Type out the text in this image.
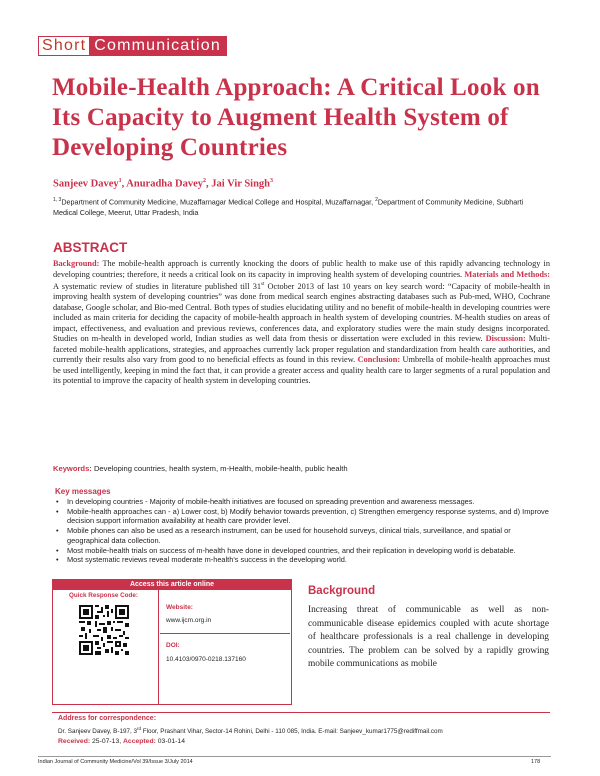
Short Communication
Mobile-Health Approach: A Critical Look on Its Capacity to Augment Health System of Developing Countries
Sanjeev Davey$^1$, Anuradha Davey$^2$, Jai Vir Singh$^3$
$^{1, 3}$Department of Community Medicine, Muzaffarnagar Medical College and Hospital, Muzaffarnagar, $^2$Department of Community Medicine, Subharti Medical College, Meerut, Uttar Pradesh, India
ABSTRACT

Background: The mobile-health approach is currently knocking the doors of public health to make use of this rapidly advancing technology in developing countries; therefore, it needs a critical look on its capacity in improving health system of developing countries. Materials and Methods: A systematic review of studies in literature published till 31st October 2013 of last 10 years on key search word: “Capacity of mobile-health in improving health system of developing countries” was done from medical search engines abstracting databases such as Pub-med, WHO, Cochrane database, Google scholar, and Bio-med Central. Both types of studies elucidating utility and no benefit of mobile-health in developing countries were included as main criteria for deciding the capacity of mobile-health approach in health system of developing countries. M-health studies on areas of impact, effectiveness, and evaluation and previous reviews, conferences data, and exploratory studies were the main study designs incorporated. Studies on m-health in developed world, Indian studies as well data from thesis or dissertation were excluded in this review. Discussion: Multi-faceted mobile-health applications, strategies, and approaches currently lack proper regulation and standardization from health care authorities, and currently their results also vary from good to no beneficial effects as found in this review. Conclusion: Umbrella of mobile-health approaches must be used intelligently, keeping in mind the fact that, it can provide a greater access and quality health care to larger segments of a rural population and its potential to improve the capacity of health system in developing countries.

Keywords: Developing countries, health system, m-Health, mobile-health, public health
Key messages
• In developing countries - Majority of mobile-health initiatives are focused on spreading prevention and awareness messages.
• Mobile-health approaches can - a) Lower cost, b) Modify behavior towards prevention, c) Strengthen emergency response systems, and d) Improve decision support information availability at health care provider level.
• Mobile phones can also be used as a research instrument, can be used for household surveys, clinical trials, surveillance, and spatial or geographical data collection.
• Most mobile-health trials on success of m-health have done in developed countries, and their replication in developing world is debatable.
• Most systematic reviews reveal moderate m-health's success in the developing world.
Access this article online
Quick Response Code:
Website:
www.ijcm.org.in
DOI:
10.4103/0970-0218.137160
Background

Increasing threat of communicable as well as non-communicable disease epidemics coupled with acute shortage of healthcare professionals is a real challenge in developing countries. The problem can be solved by a rapidly growing mobile communications as mobile

Address for correspondence:
Dr. Sanjeev Davey, B-197, 3rd Floor, Prashant Vihar, Sector-14 Rohini, Delhi - 110 085, India. E-mail: Sanjeev_kumar1775@rediffmail.com
Received: 25-07-13, Accepted: 03-01-14
Indian Journal of Community Medicine/Vol 39/Issue 3/July 2014	178
